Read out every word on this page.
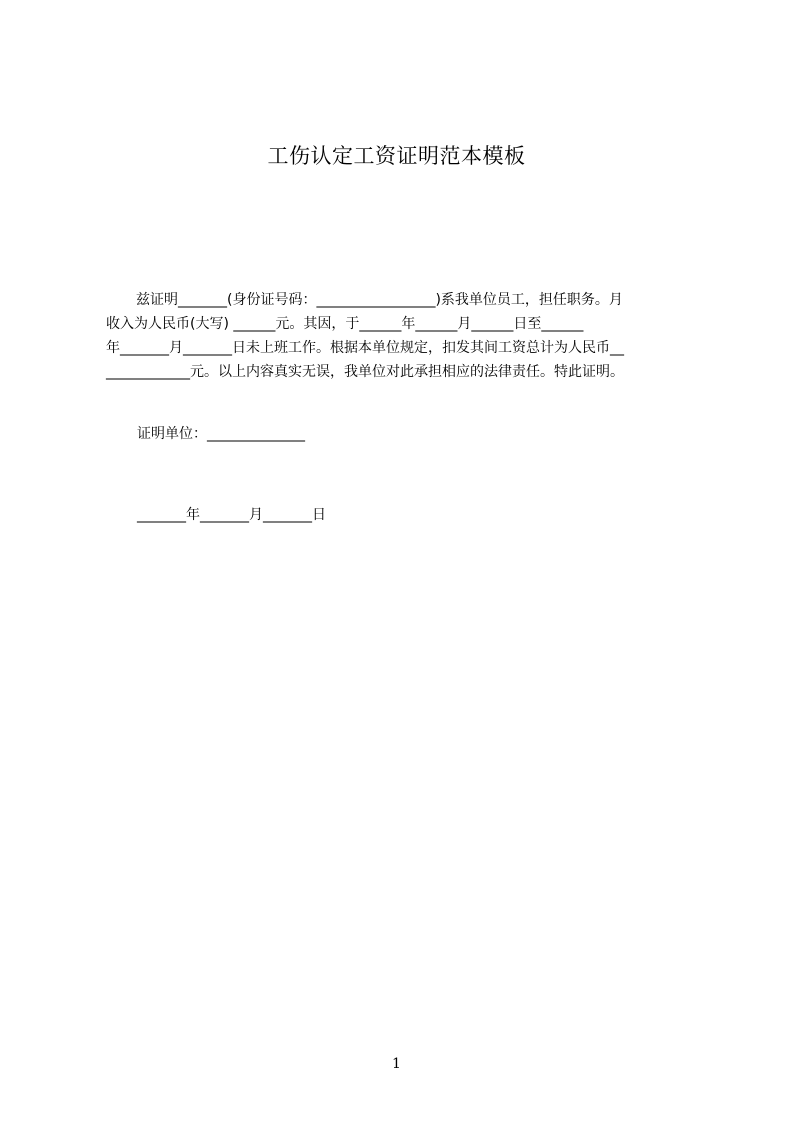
工伤认定工资证明范本模板
兹证明_______(身份证号码：_________________)系我单位员工，担任职务。月
收入为人民币(大写) ______元。其因，于______年______月______日至______
年_______月_______日未上班工作。根据本单位规定，扣发其间工资总计为人民币__
____________元。以上内容真实无误，我单位对此承担相应的法律责任。特此证明。
证明单位：______________
_______年_______月_______日
1
